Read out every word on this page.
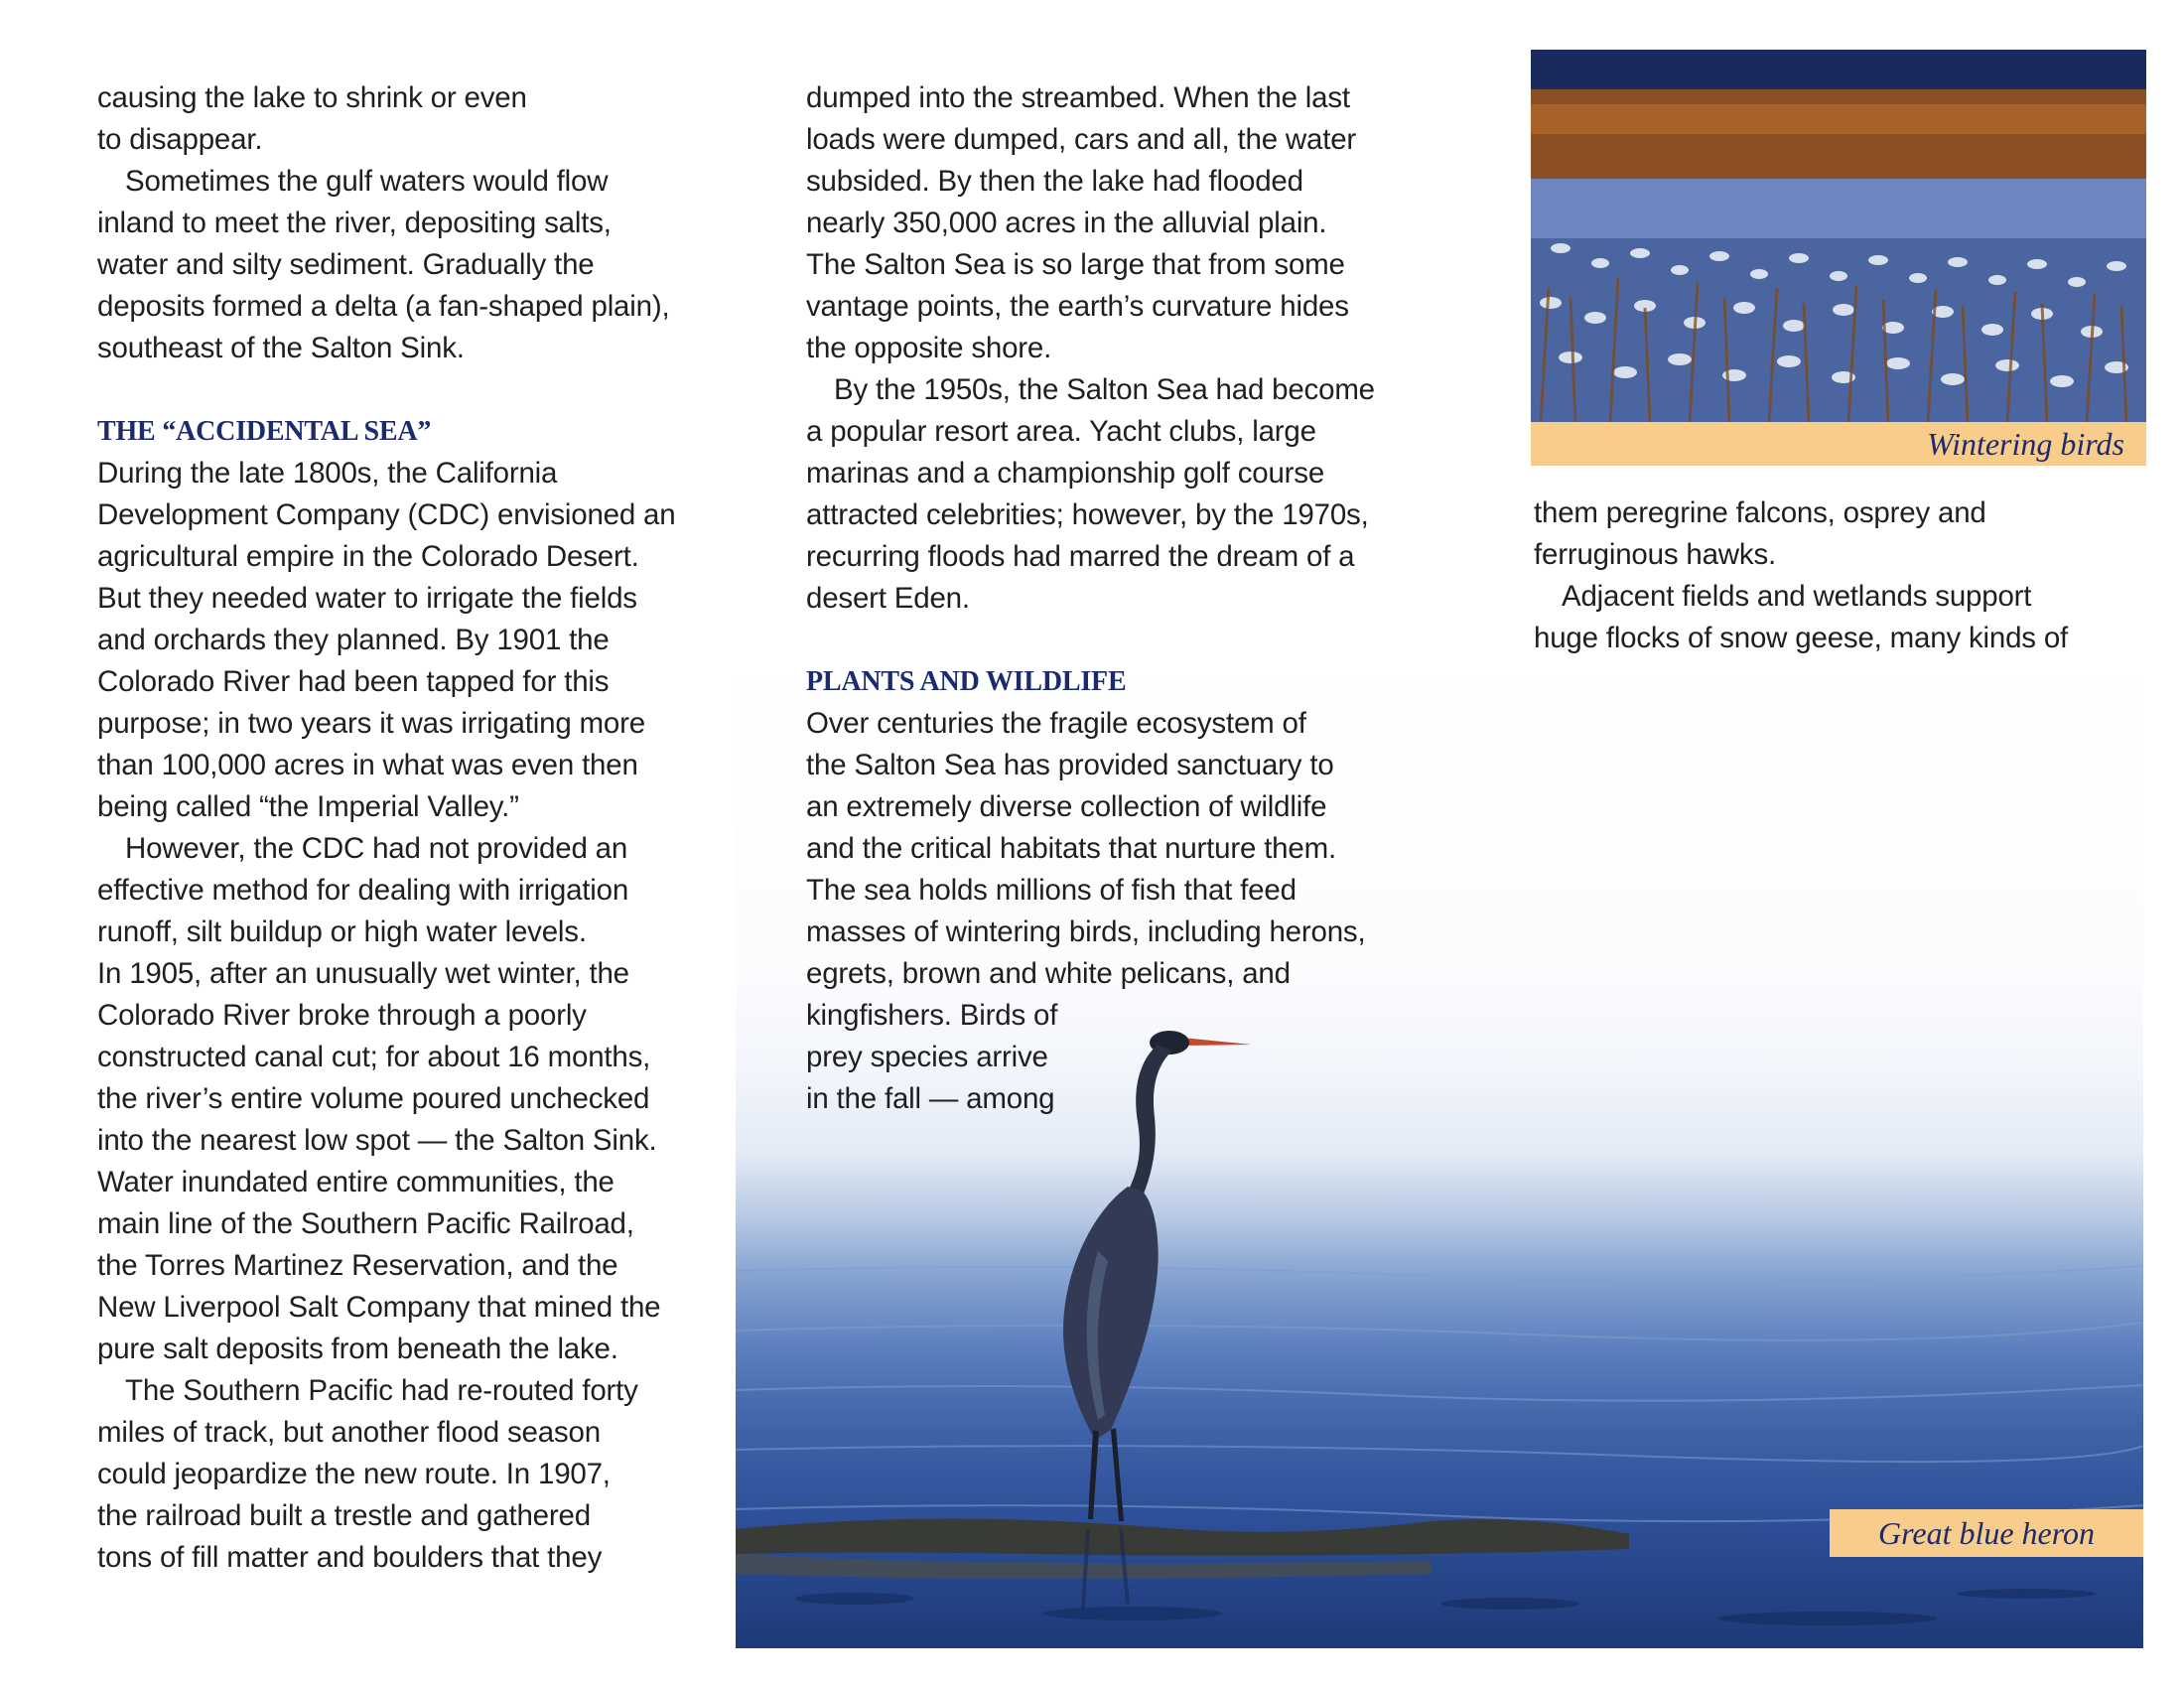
causing the lake to shrink or even

to disappear.

Sometimes the gulf waters would flow

inland to meet the river, depositing salts,

water and silty sediment. Gradually the

deposits formed a delta (a fan-shaped plain),

southeast of the Salton Sink.

THE “ACCIDENTAL SEA”

During the late 1800s, the California

Development Company (CDC) envisioned an

agricultural empire in the Colorado Desert.

But they needed water to irrigate the fields

and orchards they planned. By 1901 the

Colorado River had been tapped for this

purpose; in two years it was irrigating more

than 100,000 acres in what was even then

being called “the Imperial Valley.”

However, the CDC had not provided an

effective method for dealing with irrigation

runoff, silt buildup or high water levels.

In 1905, after an unusually wet winter, the

Colorado River broke through a poorly

constructed canal cut; for about 16 months,

the river’s entire volume poured unchecked

into the nearest low spot — the Salton Sink.

Water inundated entire communities, the

main line of the Southern Pacific Railroad,

the Torres Martinez Reservation, and the

New Liverpool Salt Company that mined the

pure salt deposits from beneath the lake.

The Southern Pacific had re-routed forty

miles of track, but another flood season

could jeopardize the new route. In 1907,

the railroad built a trestle and gathered

tons of fill matter and boulders that they

dumped into the streambed. When the last

loads were dumped, cars and all, the water

subsided. By then the lake had flooded

nearly 350,000 acres in the alluvial plain.

The Salton Sea is so large that from some

vantage points, the earth’s curvature hides

the opposite shore.

By the 1950s, the Salton Sea had become

a popular resort area. Yacht clubs, large

marinas and a championship golf course

attracted celebrities; however, by the 1970s,

recurring floods had marred the dream of a

desert Eden.

PLANTS AND WILDLIFE

Over centuries the fragile ecosystem of

the Salton Sea has provided sanctuary to

an extremely diverse collection of wildlife

and the critical habitats that nurture them.

The sea holds millions of fish that feed

masses of wintering birds, including herons,

egrets, brown and white pelicans, and

kingfishers. Birds of

prey species arrive

in the fall — among

Wintering birds

them peregrine falcons, osprey and

ferruginous hawks.

Adjacent fields and wetlands support

huge flocks of snow geese, many kinds of

Great blue heron
